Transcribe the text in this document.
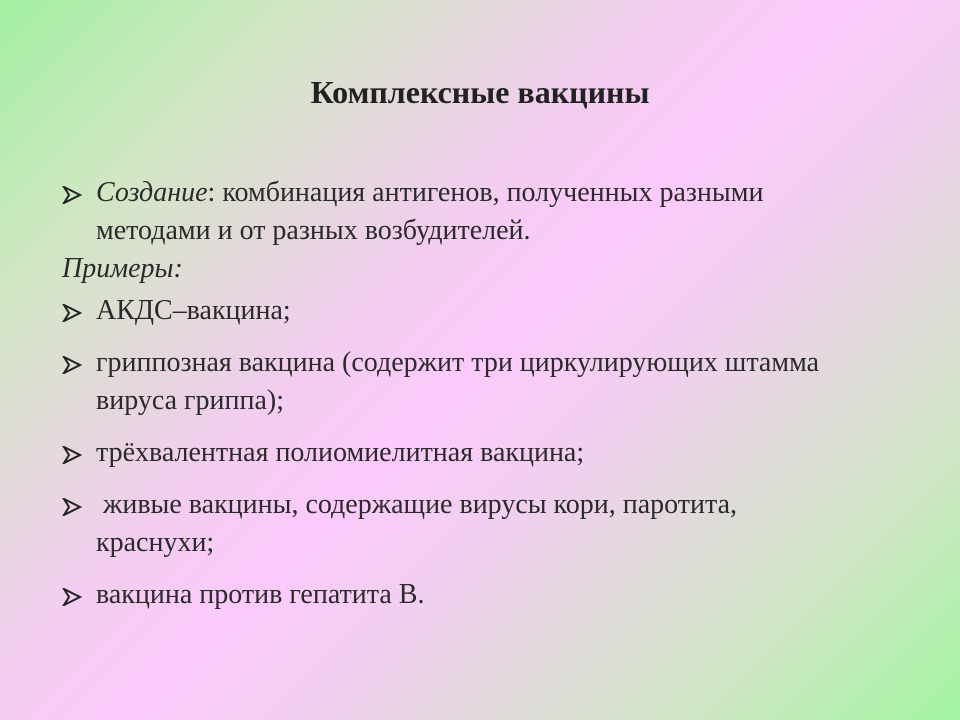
Комплексные вакцины

Создание: комбинация антигенов, полученных разными методами и от разных возбудителей.

Примеры:

АКДС–вакцина;

гриппозная вакцина (содержит три циркулирующих штамма вируса гриппа);

трёхвалентная полиомиелитная вакцина;

живые вакцины, содержащие вирусы кори, паротита, краснухи;

вакцина против гепатита В.
